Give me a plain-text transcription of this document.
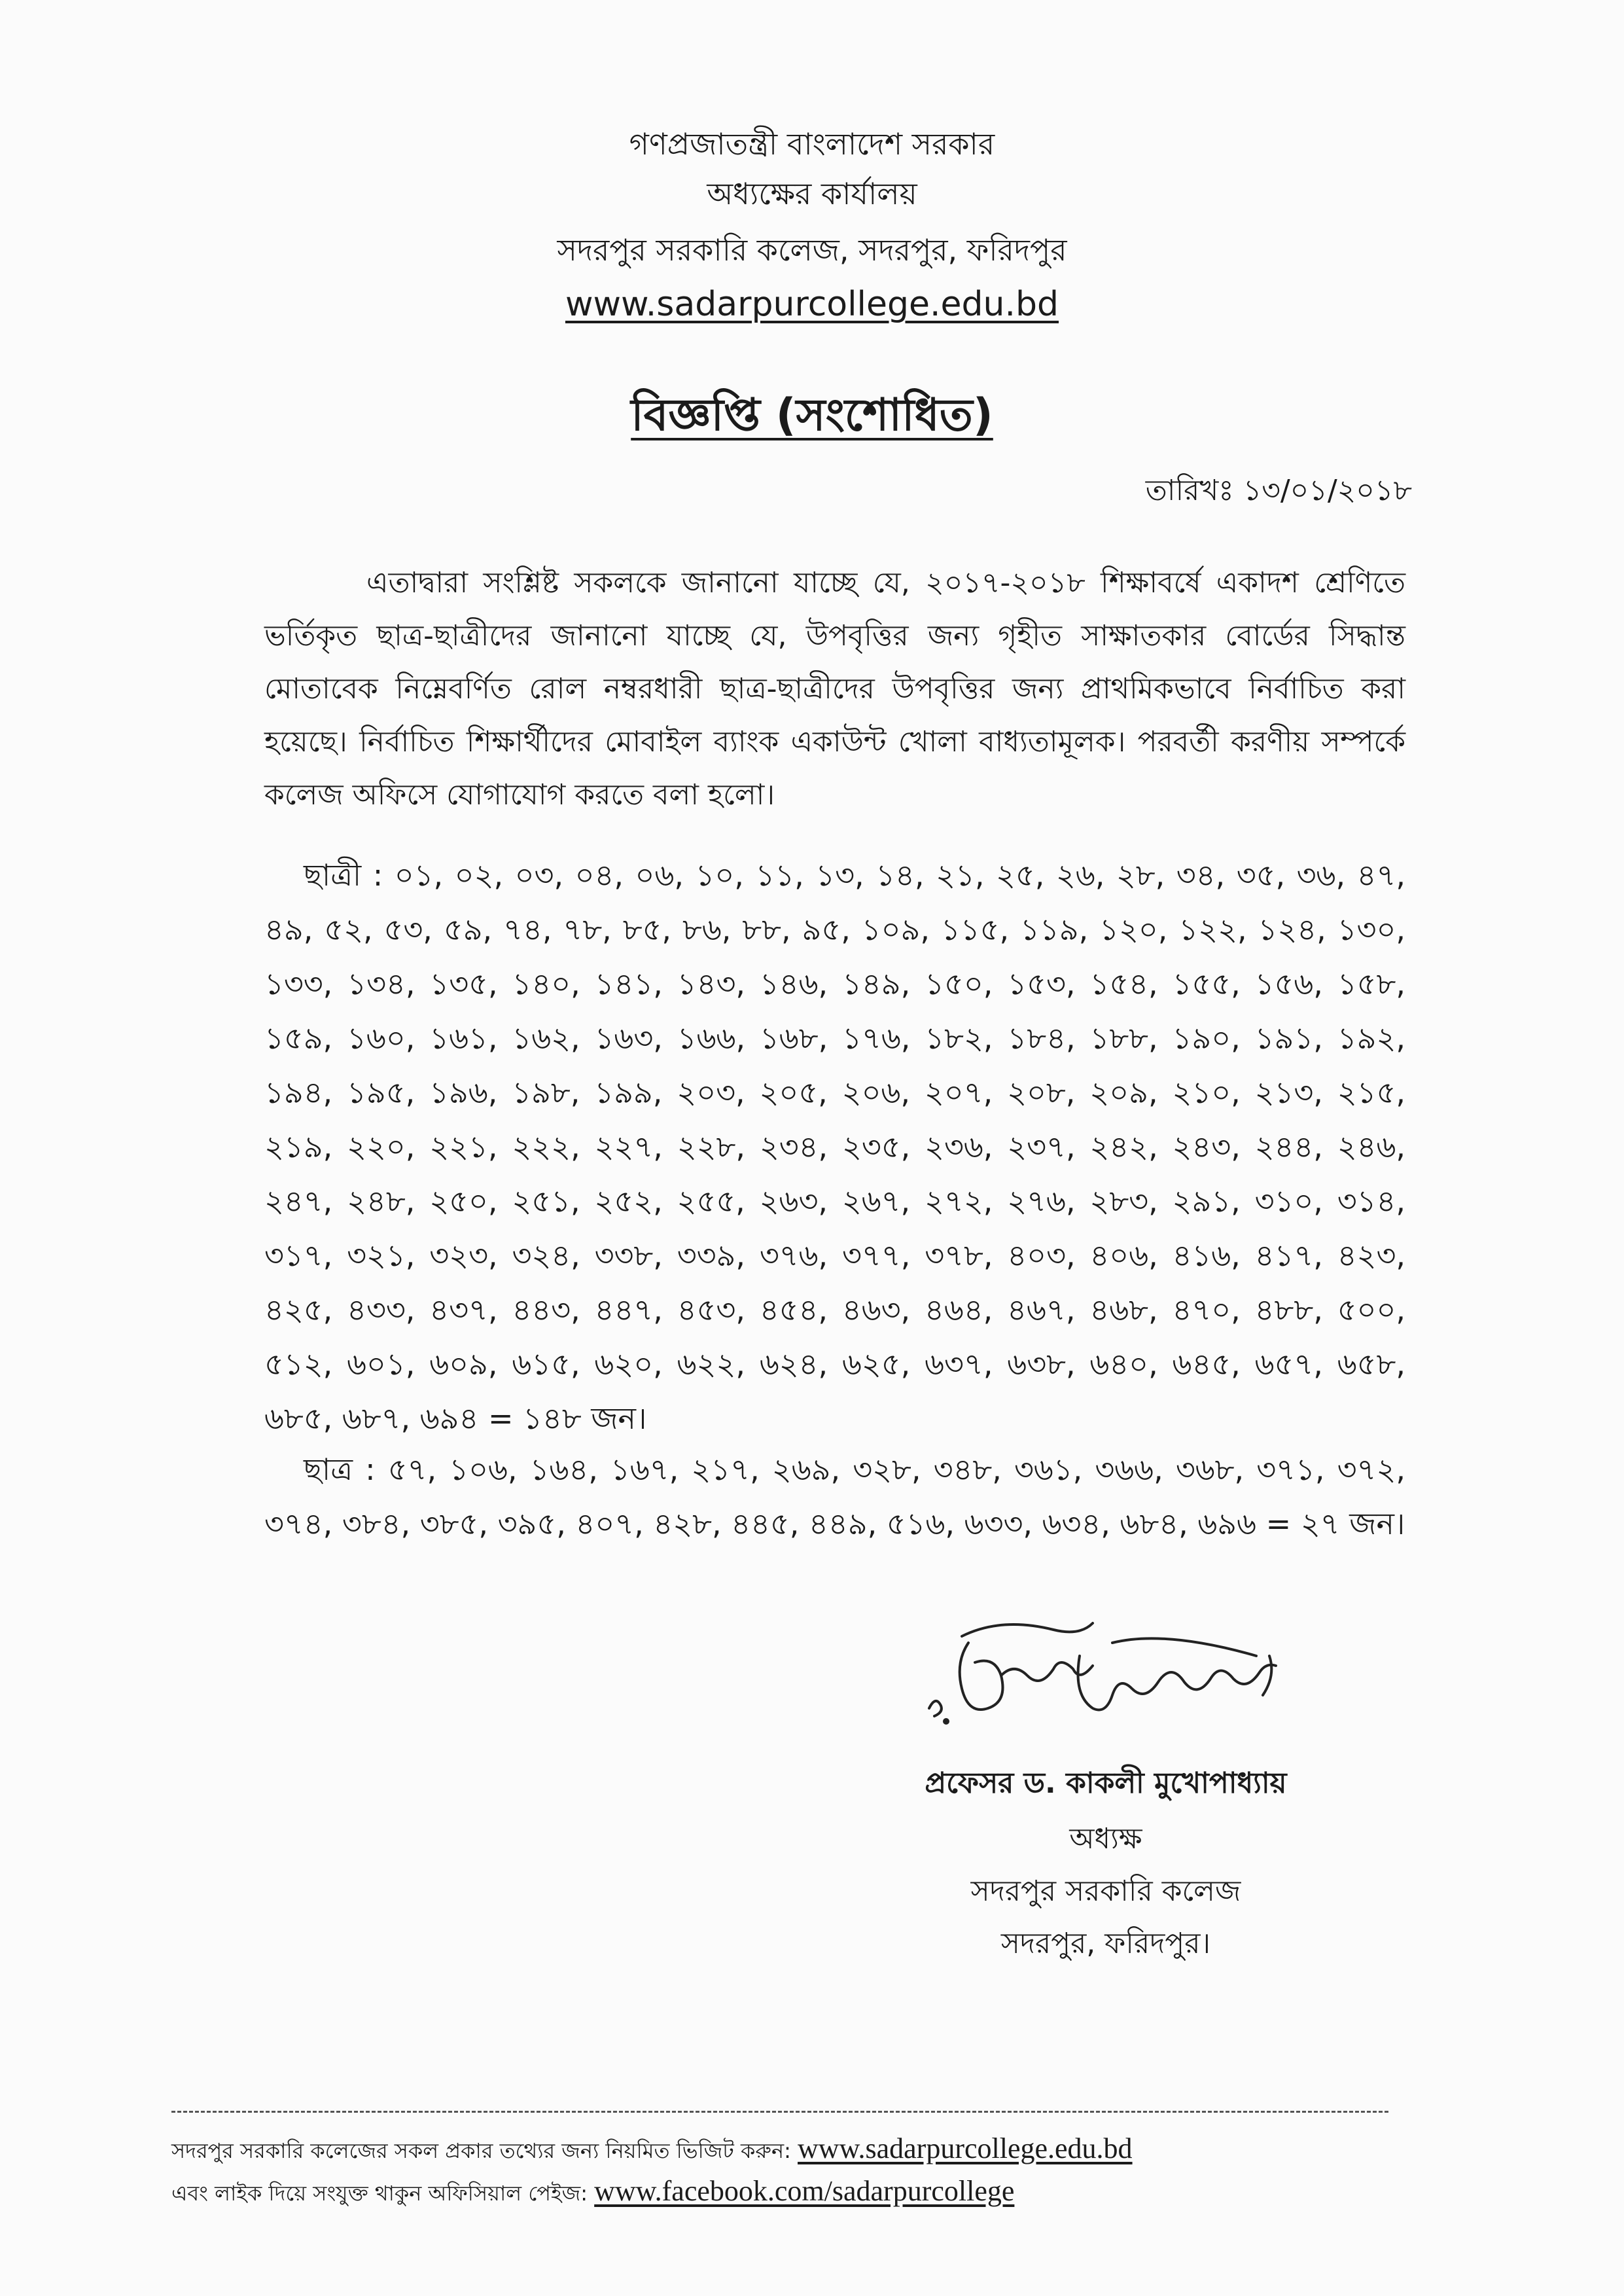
গণপ্রজাতন্ত্রী বাংলাদেশ সরকার
অধ্যক্ষের কার্যালয়
সদরপুর সরকারি কলেজ, সদরপুর, ফরিদপুর
www.sadarpurcollege.edu.bd
বিজ্ঞপ্তি (সংশোধিত)
তারিখঃ ১৩/০১/২০১৮
এতাদ্বারা সংশ্লিষ্ট সকলকে জানানো যাচ্ছে যে, ২০১৭-২০১৮ শিক্ষাবর্ষে একাদশ শ্রেণিতে ভর্তিকৃত ছাত্র-ছাত্রীদের জানানো যাচ্ছে যে, উপবৃত্তির জন্য গৃহীত সাক্ষাতকার বোর্ডের সিদ্ধান্ত মোতাবেক নিম্নেবর্ণিত রোল নম্বরধারী ছাত্র-ছাত্রীদের উপবৃত্তির জন্য প্রাথমিকভাবে নির্বাচিত করা হয়েছে। নির্বাচিত শিক্ষার্থীদের মোবাইল ব্যাংক একাউন্ট খোলা বাধ্যতামূলক। পরবর্তী করণীয় সম্পর্কে কলেজ অফিসে যোগাযোগ করতে বলা হলো।
ছাত্রী : ০১, ০২, ০৩, ০৪, ০৬, ১০, ১১, ১৩, ১৪, ২১, ২৫, ২৬, ২৮, ৩৪, ৩৫, ৩৬, ৪৭, ৪৯, ৫২, ৫৩, ৫৯, ৭৪, ৭৮, ৮৫, ৮৬, ৮৮, ৯৫, ১০৯, ১১৫, ১১৯, ১২০, ১২২, ১২৪, ১৩০, ১৩৩, ১৩৪, ১৩৫, ১৪০, ১৪১, ১৪৩, ১৪৬, ১৪৯, ১৫০, ১৫৩, ১৫৪, ১৫৫, ১৫৬, ১৫৮, ১৫৯, ১৬০, ১৬১, ১৬২, ১৬৩, ১৬৬, ১৬৮, ১৭৬, ১৮২, ১৮৪, ১৮৮, ১৯০, ১৯১, ১৯২, ১৯৪, ১৯৫, ১৯৬, ১৯৮, ১৯৯, ২০৩, ২০৫, ২০৬, ২০৭, ২০৮, ২০৯, ২১০, ২১৩, ২১৫, ২১৯, ২২০, ২২১, ২২২, ২২৭, ২২৮, ২৩৪, ২৩৫, ২৩৬, ২৩৭, ২৪২, ২৪৩, ২৪৪, ২৪৬, ২৪৭, ২৪৮, ২৫০, ২৫১, ২৫২, ২৫৫, ২৬৩, ২৬৭, ২৭২, ২৭৬, ২৮৩, ২৯১, ৩১০, ৩১৪, ৩১৭, ৩২১, ৩২৩, ৩২৪, ৩৩৮, ৩৩৯, ৩৭৬, ৩৭৭, ৩৭৮, ৪০৩, ৪০৬, ৪১৬, ৪১৭, ৪২৩, ৪২৫, ৪৩৩, ৪৩৭, ৪৪৩, ৪৪৭, ৪৫৩, ৪৫৪, ৪৬৩, ৪৬৪, ৪৬৭, ৪৬৮, ৪৭০, ৪৮৮, ৫০০, ৫১২, ৬০১, ৬০৯, ৬১৫, ৬২০, ৬২২, ৬২৪, ৬২৫, ৬৩৭, ৬৩৮, ৬৪০, ৬৪৫, ৬৫৭, ৬৫৮, ৬৮৫, ৬৮৭, ৬৯৪ = ১৪৮ জন।
ছাত্র : ৫৭, ১০৬, ১৬৪, ১৬৭, ২১৭, ২৬৯, ৩২৮, ৩৪৮, ৩৬১, ৩৬৬, ৩৬৮, ৩৭১, ৩৭২, ৩৭৪, ৩৮৪, ৩৮৫, ৩৯৫, ৪০৭, ৪২৮, ৪৪৫, ৪৪৯, ৫১৬, ৬৩৩, ৬৩৪, ৬৮৪, ৬৯৬ = ২৭ জন।
প্রফেসর ড. কাকলী মুখোপাধ্যায়
অধ্যক্ষ
সদরপুর সরকারি কলেজ
সদরপুর, ফরিদপুর।
সদরপুর সরকারি কলেজের সকল প্রকার তথ্যের জন্য নিয়মিত ভিজিট করুন: www.sadarpurcollege.edu.bd
এবং লাইক দিয়ে সংযুক্ত থাকুন অফিসিয়াল পেইজ: www.facebook.com/sadarpurcollege
